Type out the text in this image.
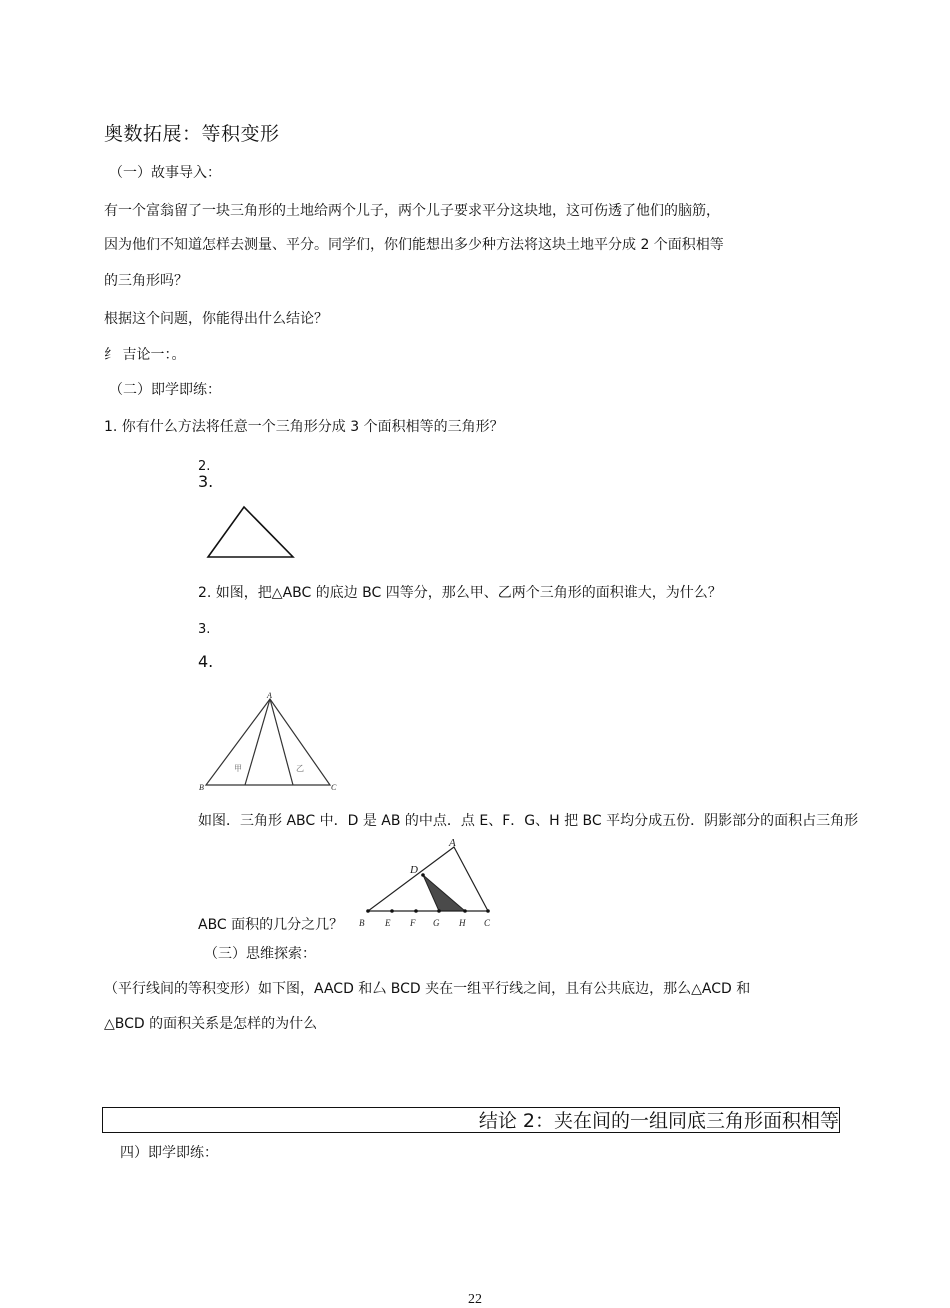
奥数拓展：等积变形
（一）故事导入：
有一个富翁留了一块三角形的土地给两个儿子，两个儿子要求平分这块地，这可伤透了他们的脑筋，
因为他们不知道怎样去测量、平分。同学们，你们能想出多少种方法将这块土地平分成 2 个面积相等
的三角形吗？
根据这个问题，你能得出什么结论？
纟 吉论一：。
（二）即学即练：
1. 你有什么方法将任意一个三角形分成 3 个面积相等的三角形？
2.
3.
2. 如图，把△ABC 的底边 BC 四等分，那么甲、乙两个三角形的面积谁大，为什么？
3.
4.
A
B	C
甲	乙
如图．三角形 ABC 中．D 是 AB 的中点．点 E、F．G、H 把 BC 平均分成五份．阴影部分的面积占三角形
A
D
B E F G H C
ABC 面积的几分之几？
（三）思维探索：
（平行线间的等积变形）如下图，AACD 和厶 BCD 夹在一组平行线之间，且有公共底边，那么△ACD 和
△BCD 的面积关系是怎样的为什么
结论 2：夹在间的一组同底三角形面积相等
四）即学即练：
22
